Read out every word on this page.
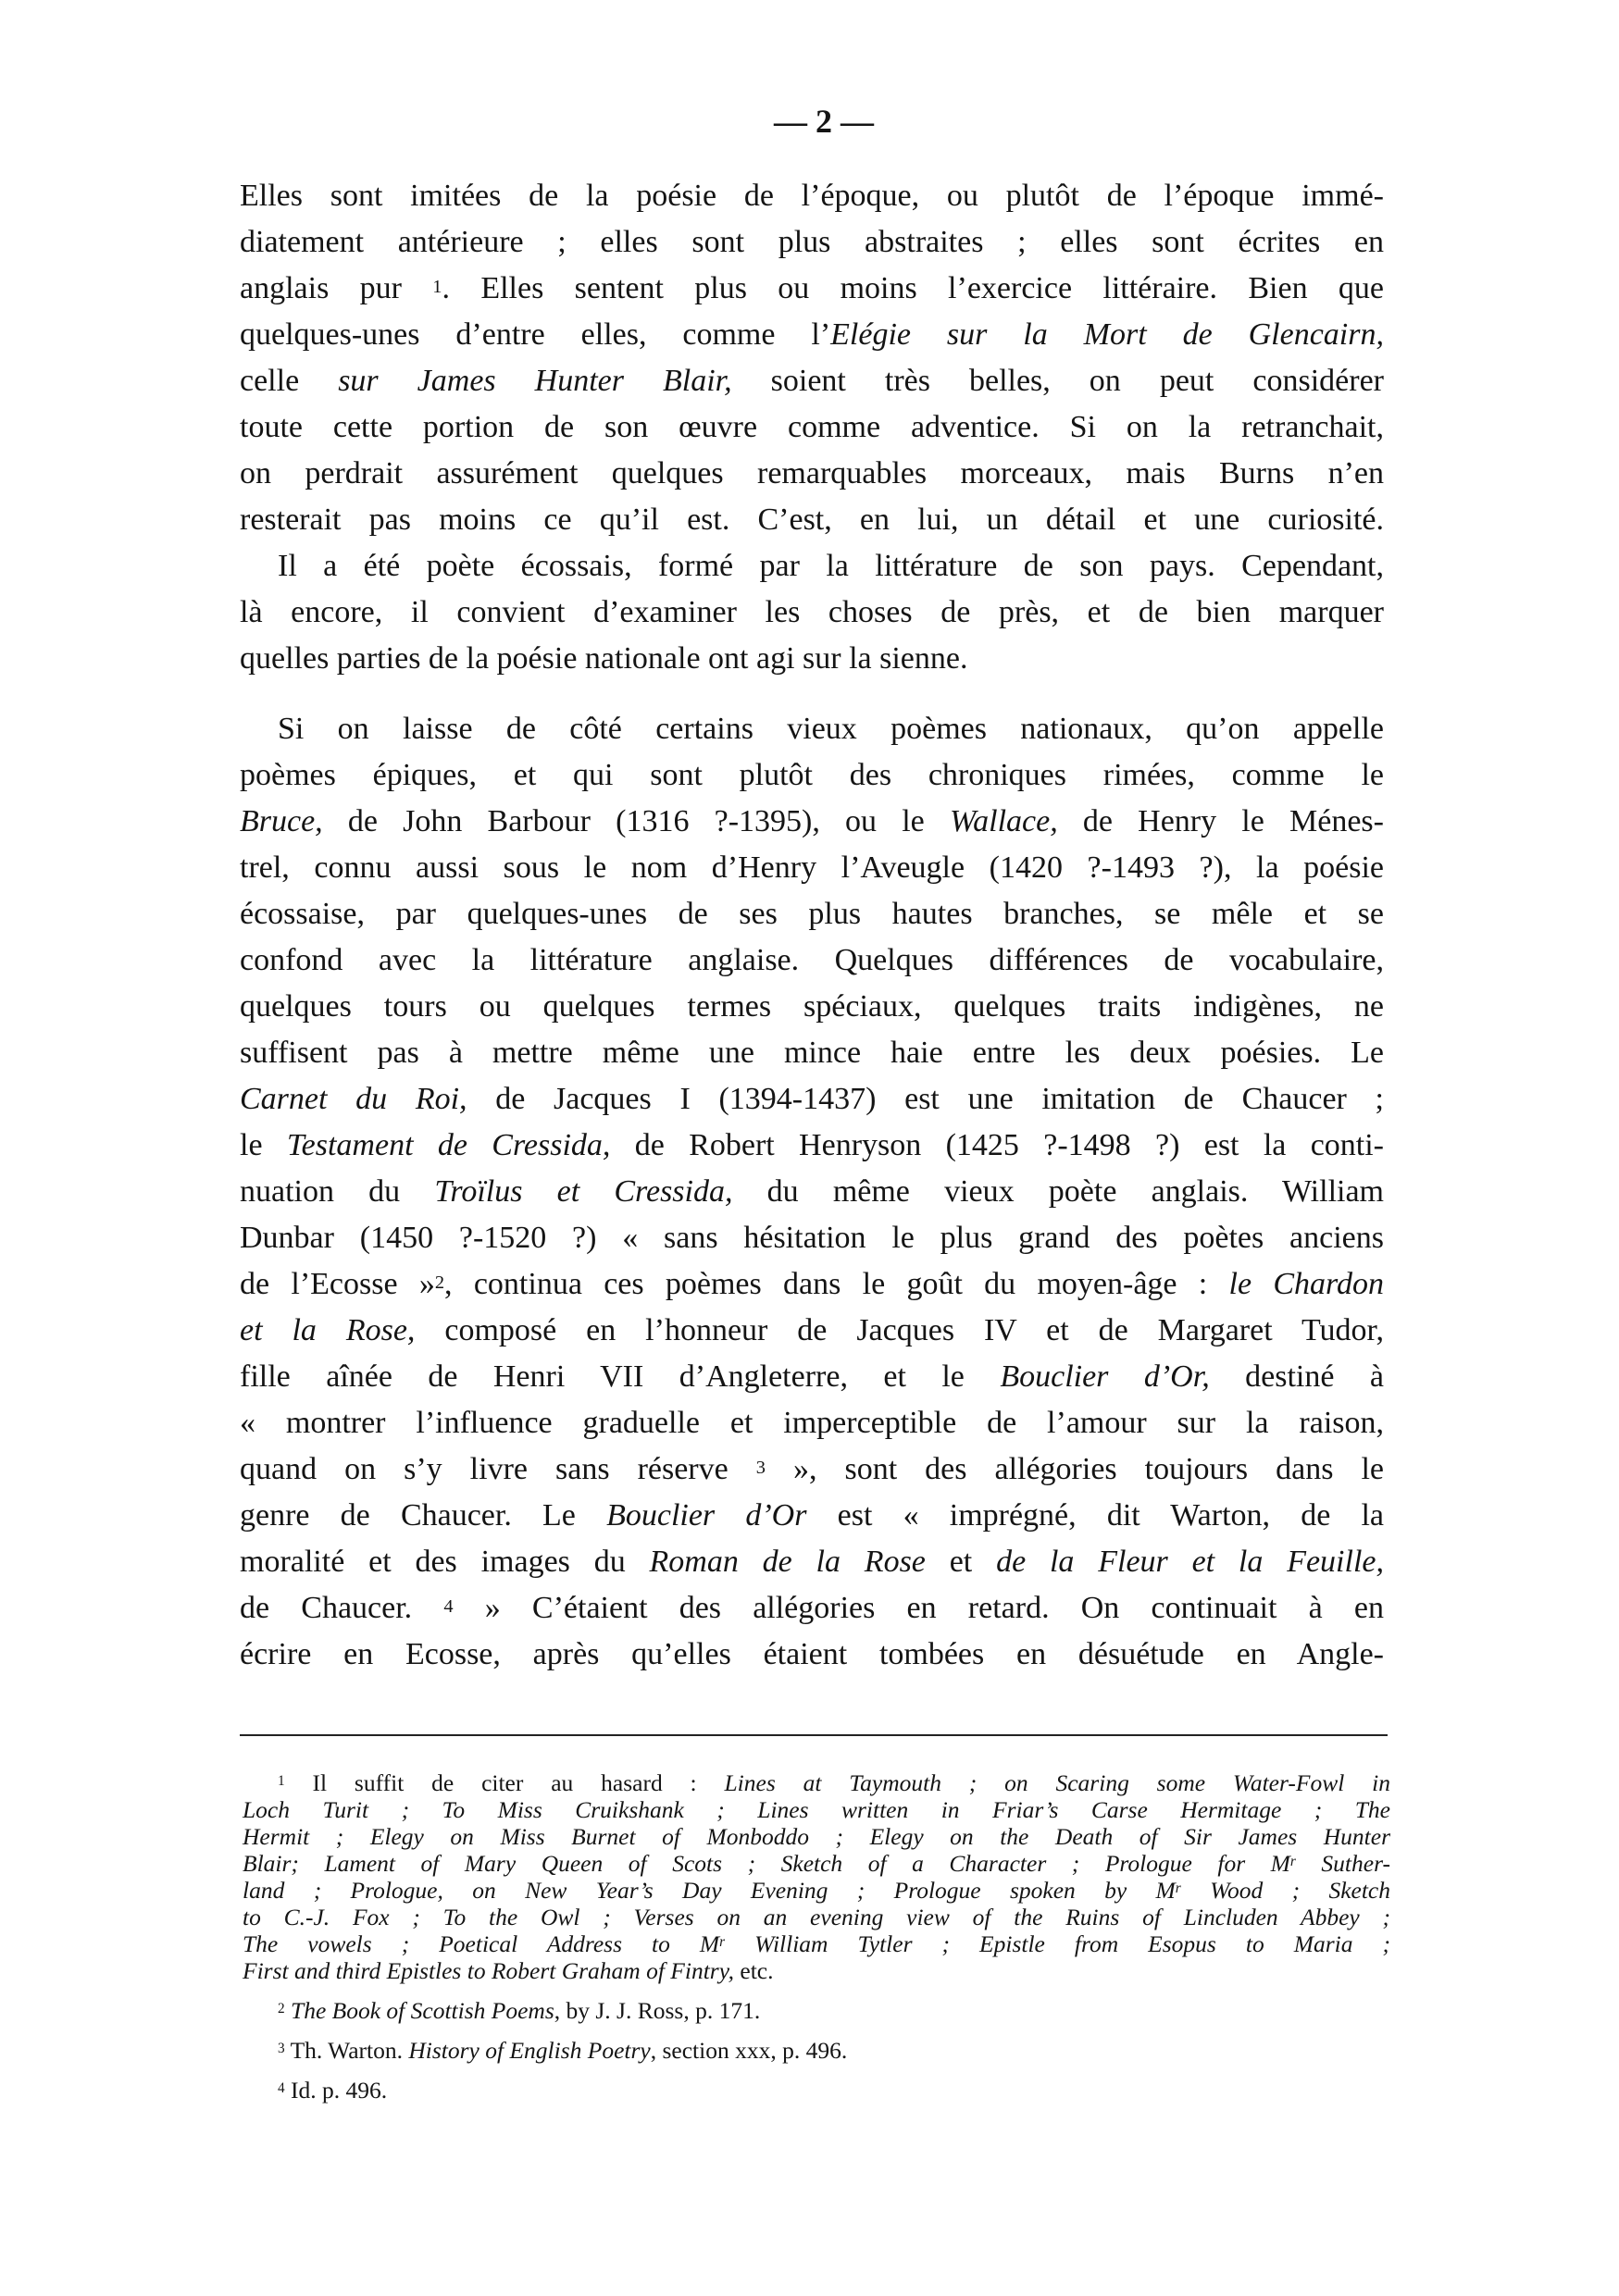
— 2 —
Elles sont imitées de la poésie de l’époque, ou plutôt de l’époque immé-
diatement antérieure ; elles sont plus abstraites ; elles sont écrites en
anglais pur $^1$. Elles sentent plus ou moins l’exercice littéraire. Bien que
quelques-unes d’entre elles, comme l’Elégie sur la Mort de Glencairn,
celle sur James Hunter Blair, soient très belles, on peut considérer
toute cette portion de son œuvre comme adventice. Si on la retranchait,
on perdrait assurément quelques remarquables morceaux, mais Burns n’en
resterait pas moins ce qu’il est. C’est, en lui, un détail et une curiosité.
Il a été poète écossais, formé par la littérature de son pays. Cependant,
là encore, il convient d’examiner les choses de près, et de bien marquer
quelles parties de la poésie nationale ont agi sur la sienne.
Si on laisse de côté certains vieux poèmes nationaux, qu’on appelle
poèmes épiques, et qui sont plutôt des chroniques rimées, comme le
Bruce, de John Barbour (1316 ?-1395), ou le Wallace, de Henry le Ménes-
trel, connu aussi sous le nom d’Henry l’Aveugle (1420 ?-1493 ?), la poésie
écossaise, par quelques-unes de ses plus hautes branches, se mêle et se
confond avec la littérature anglaise. Quelques différences de vocabulaire,
quelques tours ou quelques termes spéciaux, quelques traits indigènes, ne
suffisent pas à mettre même une mince haie entre les deux poésies. Le
Carnet du Roi, de Jacques I (1394-1437) est une imitation de Chaucer ;
le Testament de Cressida, de Robert Henryson (1425 ?-1498 ?) est la conti-
nuation du Troïlus et Cressida, du même vieux poète anglais. William
Dunbar (1450 ?-1520 ?) « sans hésitation le plus grand des poètes anciens
de l’Ecosse »$^2$, continua ces poèmes dans le goût du moyen-âge : le Chardon
et la Rose, composé en l’honneur de Jacques IV et de Margaret Tudor,
fille aînée de Henri VII d’Angleterre, et le Bouclier d’Or, destiné à
« montrer l’influence graduelle et imperceptible de l’amour sur la raison,
quand on s’y livre sans réserve $^3$ », sont des allégories toujours dans le
genre de Chaucer. Le Bouclier d’Or est « imprégné, dit Warton, de la
moralité et des images du Roman de la Rose et de la Fleur et la Feuille,
de Chaucer. $^4$ » C’étaient des allégories en retard. On continuait à en
écrire en Ecosse, après qu’elles étaient tombées en désuétude en Angle-
$^1$ Il suffit de citer au hasard : Lines at Taymouth ; on Scaring some Water-Fowl in
Loch Turit ; To Miss Cruikshank ; Lines written in Friar’s Carse Hermitage ; The
Hermit ; Elegy on Miss Burnet of Monboddo ; Elegy on the Death of Sir James Hunter
Blair; Lament of Mary Queen of Scots ; Sketch of a Character ; Prologue for $M^r$ Suther-
land ; Prologue, on New Year’s Day Evening ; Prologue spoken by $M^r$ Wood ; Sketch
to C.-J. Fox ; To the Owl ; Verses on an evening view of the Ruins of Lincluden Abbey ;
The vowels ; Poetical Address to $M^r$ William Tytler ; Epistle from Esopus to Maria ;
First and third Epistles to Robert Graham of Fintry, etc.
$^2$ The Book of Scottish Poems, by J. J. Ross, p. 171.
$^3$ Th. Warton. History of English Poetry, section xxx, p. 496.
$^4$ Id. p. 496.
